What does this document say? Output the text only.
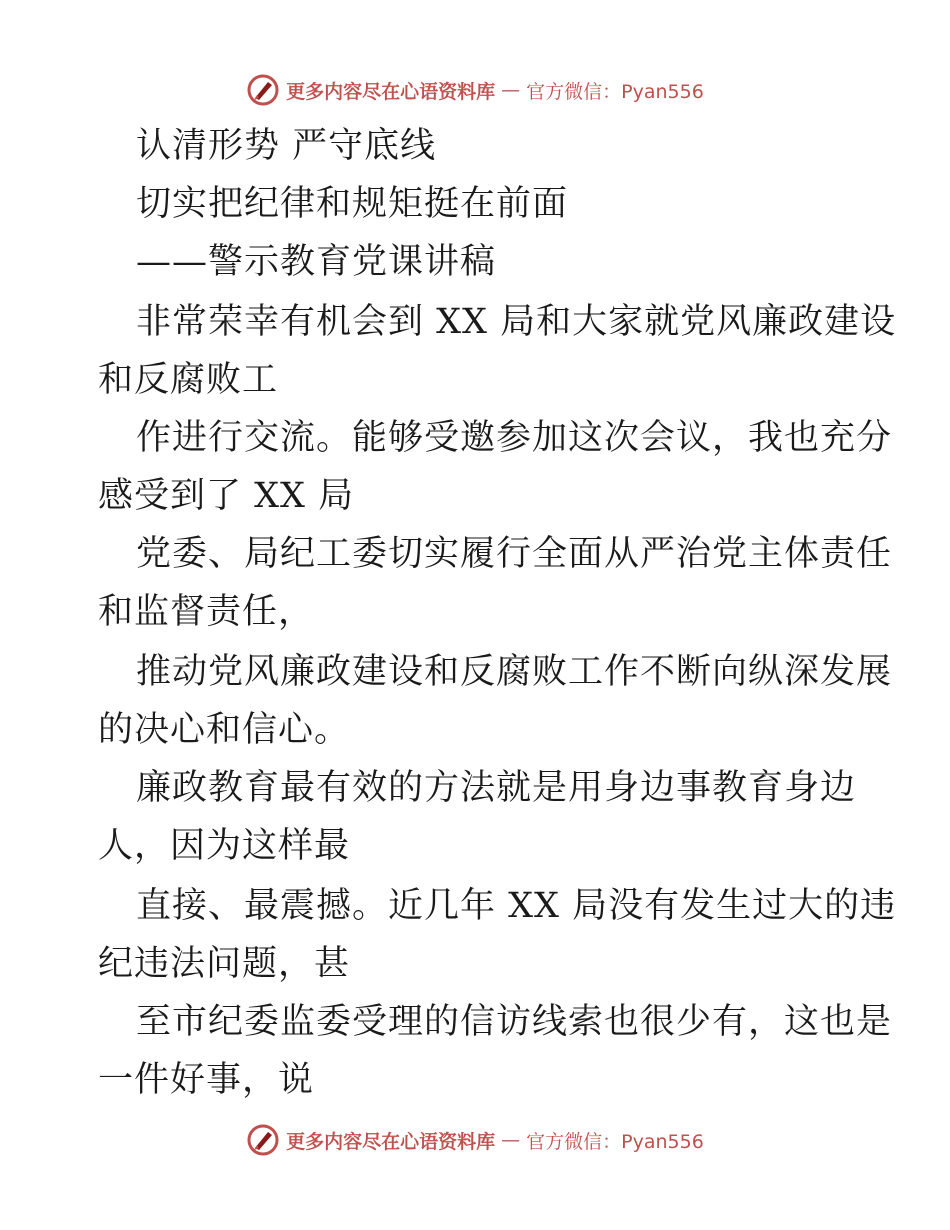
更多内容尽在心语资料库 — 官方微信：Pyan556
认清形势 严守底线
切实把纪律和规矩挺在前面
——警示教育党课讲稿
非常荣幸有机会到 XX 局和大家就党风廉政建设
和反腐败工
作进行交流。能够受邀参加这次会议，我也充分
感受到了 XX 局
党委、局纪工委切实履行全面从严治党主体责任
和监督责任，
推动党风廉政建设和反腐败工作不断向纵深发展
的决心和信心。
廉政教育最有效的方法就是用身边事教育身边
人，因为这样最
直接、最震撼。近几年 XX 局没有发生过大的违
纪违法问题，甚
至市纪委监委受理的信访线索也很少有，这也是
一件好事，说
更多内容尽在心语资料库 — 官方微信：Pyan556
